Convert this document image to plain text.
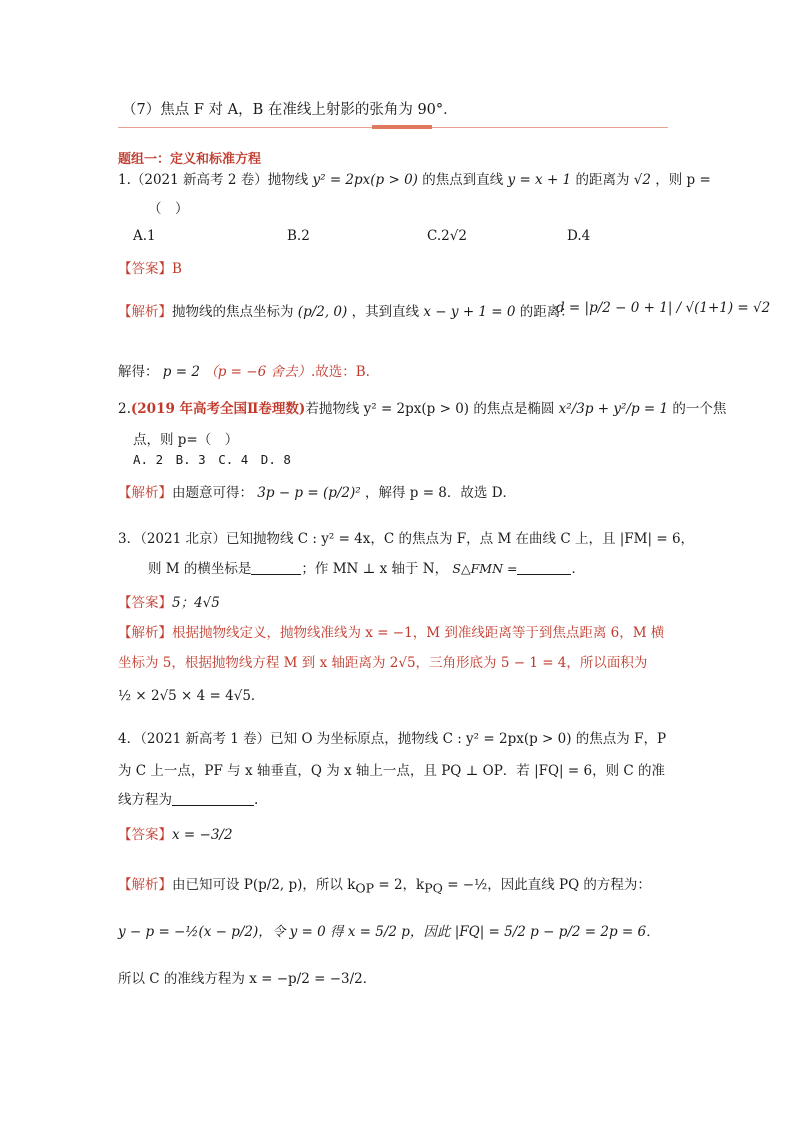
（7）焦点 F 对 A，B 在准线上射影的张角为 90°．
题组一：定义和标准方程
1.（2021 新高考 2 卷）抛物线 y² = 2px(p > 0) 的焦点到直线 y = x + 1 的距离为 √2 ，则 p =
（　）
A.1	B.2	C.2√2	D.4
【答案】B
【解析】抛物线的焦点坐标为 (p/2, 0) ，其到直线 x − y + 1 = 0 的距离：
d = |p/2 − 0 + 1| / √(1+1) = √2
解得： p = 2 （p = −6 舍去）.故选：B.
2.(2019 年高考全国Ⅱ卷理数)若抛物线 y² = 2px(p > 0) 的焦点是椭圆 x²/3p + y²/p = 1 的一个焦
点，则 p=（　）
A. 2　B. 3　C. 4　D. 8
【解析】由题意可得： 3p − p = (p/2)² ，解得 p = 8．故选 D．
3．（2021 北京）已知抛物线 C : y² = 4x，C 的焦点为 F，点 M 在曲线 C 上，且 |FM| = 6，
则 M 的横坐标是	；作 MN ⊥ x 轴于 N， S△FMN =	．
【答案】5；4√5
【解析】根据抛物线定义，抛物线准线为 x = −1，M 到准线距离等于到焦点距离 6，M 横
坐标为 5，根据抛物线方程 M 到 x 轴距离为 2√5，三角形底为 5 − 1 = 4，所以面积为
½ × 2√5 × 4 = 4√5．
4．（2021 新高考 1 卷）已知 O 为坐标原点，抛物线 C : y² = 2px(p > 0) 的焦点为 F，P
为 C 上一点，PF 与 x 轴垂直，Q 为 x 轴上一点，且 PQ ⊥ OP．若 |FQ| = 6，则 C 的准
线方程为	.
【答案】x = −3/2
【解析】由已知可设 P(p/2, p)，所以 $k_{OP} = 2$，$k_{PQ}$ = −½，因此直线 PQ 的方程为：
y − p = −½(x − p/2)，令 y = 0 得 x = 5/2 p，因此 |FQ| = 5/2 p − p/2 = 2p = 6．
所以 C 的准线方程为 x = −p/2 = −3/2．
